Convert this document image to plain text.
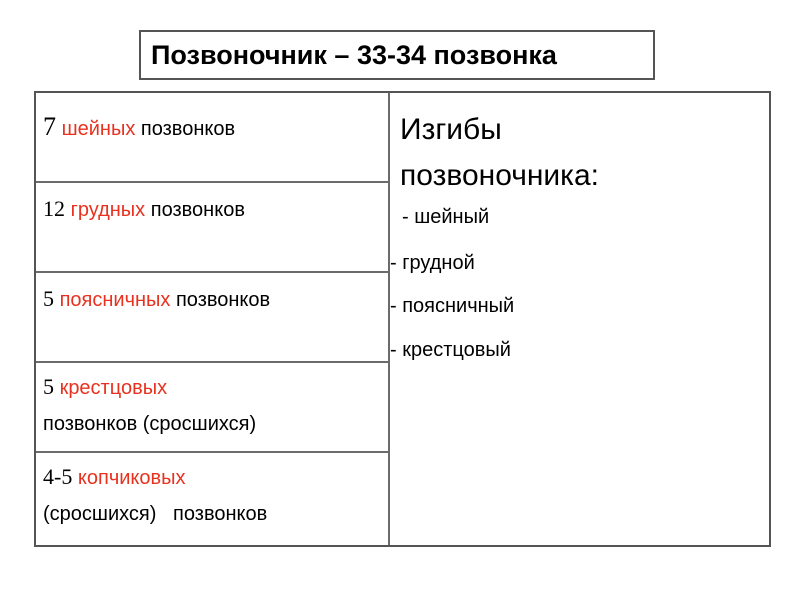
Позвоночник – 33-34 позвонка
7 шейных позвонков
12 грудных позвонков
5 поясничных позвонков
5 крестцовых
позвонков (сросшихся)
4-5 копчиковых
(сросшихся)   позвонков
Изгибы
позвоночника:
- шейный
- грудной
- поясничный
- крестцовый
